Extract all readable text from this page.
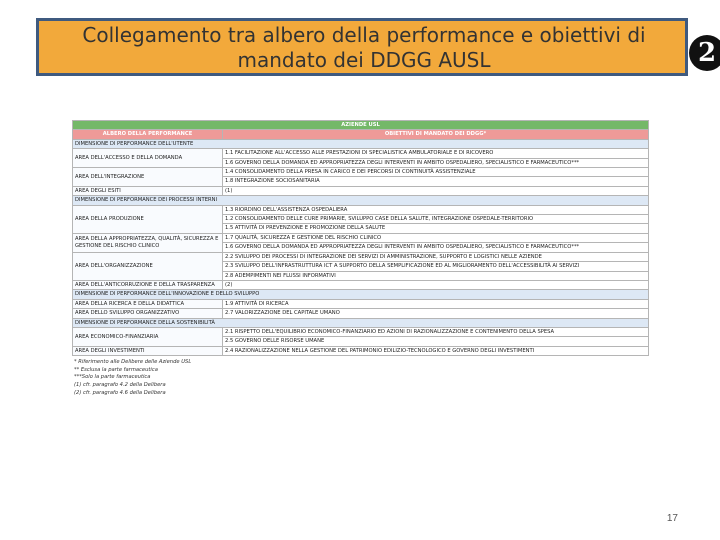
Collegamento tra albero della performance e obiettivi di
mandato dei DDGG AUSL	2
AZIENDE USL	
ALBERO DELLA PERFORMANCE	OBIETTIVI DI MANDATO DEI DDGG*
DIMENSIONE DI PERFORMANCE DELL'UTENTE	
AREA DELL'ACCESSO E DELLA DOMANDA	1.1 FACILITAZIONE ALL'ACCESSO ALLE PRESTAZIONI DI SPECIALISTICA AMBULATORIALE E DI RICOVERO
	1.6 GOVERNO DELLA DOMANDA ED APPROPRIATEZZA DEGLI INTERVENTI IN AMBITO OSPEDALIERO, SPECIALISTICO E FARMACEUTICO***
AREA DELL'INTEGRAZIONE	1.4 CONSOLIDAMENTO DELLA PRESA IN CARICO E DEI PERCORSI DI CONTINUITÀ ASSISTENZIALE
	1.8 INTEGRAZIONE SOCIOSANITARIA
AREA DEGLI ESITI	(1)
DIMENSIONE DI PERFORMANCE DEI PROCESSI INTERNI	
AREA DELLA PRODUZIONE	1.3 RIORDINO DELL'ASSISTENZA OSPEDALIERA
	1.2 CONSOLIDAMENTO DELLE CURE PRIMARIE, SVILUPPO CASE DELLA SALUTE, INTEGRAZIONE OSPEDALE-TERRITORIO
	1.5 ATTIVITÀ DI PREVENZIONE E PROMOZIONE DELLA SALUTE

AREA DELLA APPROPRIATEZZA, QUALITÀ, SICUREZZA E
GESTIONE DEL RISCHIO CLINICO	1.7 QUALITÀ, SICUREZZA E GESTIONE DEL RISCHIO CLINICO
	1.6 GOVERNO DELLA DOMANDA ED APPROPRIATEZZA DEGLI INTERVENTI IN AMBITO OSPEDALIERO, SPECIALISTICO E FARMACEUTICO***
AREA DELL'ORGANIZZAZIONE	2.2 SVILUPPO DEI PROCESSI DI INTEGRAZIONE DEI SERVIZI DI AMMINISTRAZIONE, SUPPORTO E LOGISTICI NELLE AZIENDE
	2.3 SVILUPPO DELL'INFRASTRUTTURA ICT A SUPPORTO DELLA SEMPLIFICAZIONE ED AL MIGLIORAMENTO DELL'ACCESSIBILITÀ AI SERVIZI
	2.8 ADEMPIMENTI NEI FLUSSI INFORMATIVI
AREA DELL'ANTICORRUZIONE E DELLA TRASPARENZA	(2)
DIMENSIONE DI PERFORMANCE DELL'INNOVAZIONE E DELLO SVILUPPO	
AREA DELLA RICERCA E DELLA DIDATTICA	1.9 ATTIVITÀ DI RICERCA
AREA DELLO SVILUPPO ORGANIZZATIVO	2.7 VALORIZZAZIONE DEL CAPITALE UMANO
DIMENSIONE DI PERFORMANCE DELLA SOSTENIBILITÀ	
AREA ECONOMICO-FINANZIARIA	2.1 RISPETTO DELL'EQUILIBRIO ECONOMICO-FINANZIARIO ED AZIONI DI RAZIONALIZZAZIONE E CONTENIMENTO DELLA SPESA
	2.5 GOVERNO DELLE RISORSE UMANE
AREA DEGLI INVESTIMENTI	2.4 RAZIONALIZZAZIONE NELLA GESTIONE DEL PATRIMONIO EDILIZIO-TECNOLOGICO E GOVERNO DEGLI INVESTIMENTI
* Riferimento alle Delibere delle Aziende USL
** Esclusa la parte farmaceutica
***Solo la parte farmaceutica
(1) cfr. paragrafo 4.2 della Delibera
(2) cfr. paragrafo 4.6 della Delibera
17
